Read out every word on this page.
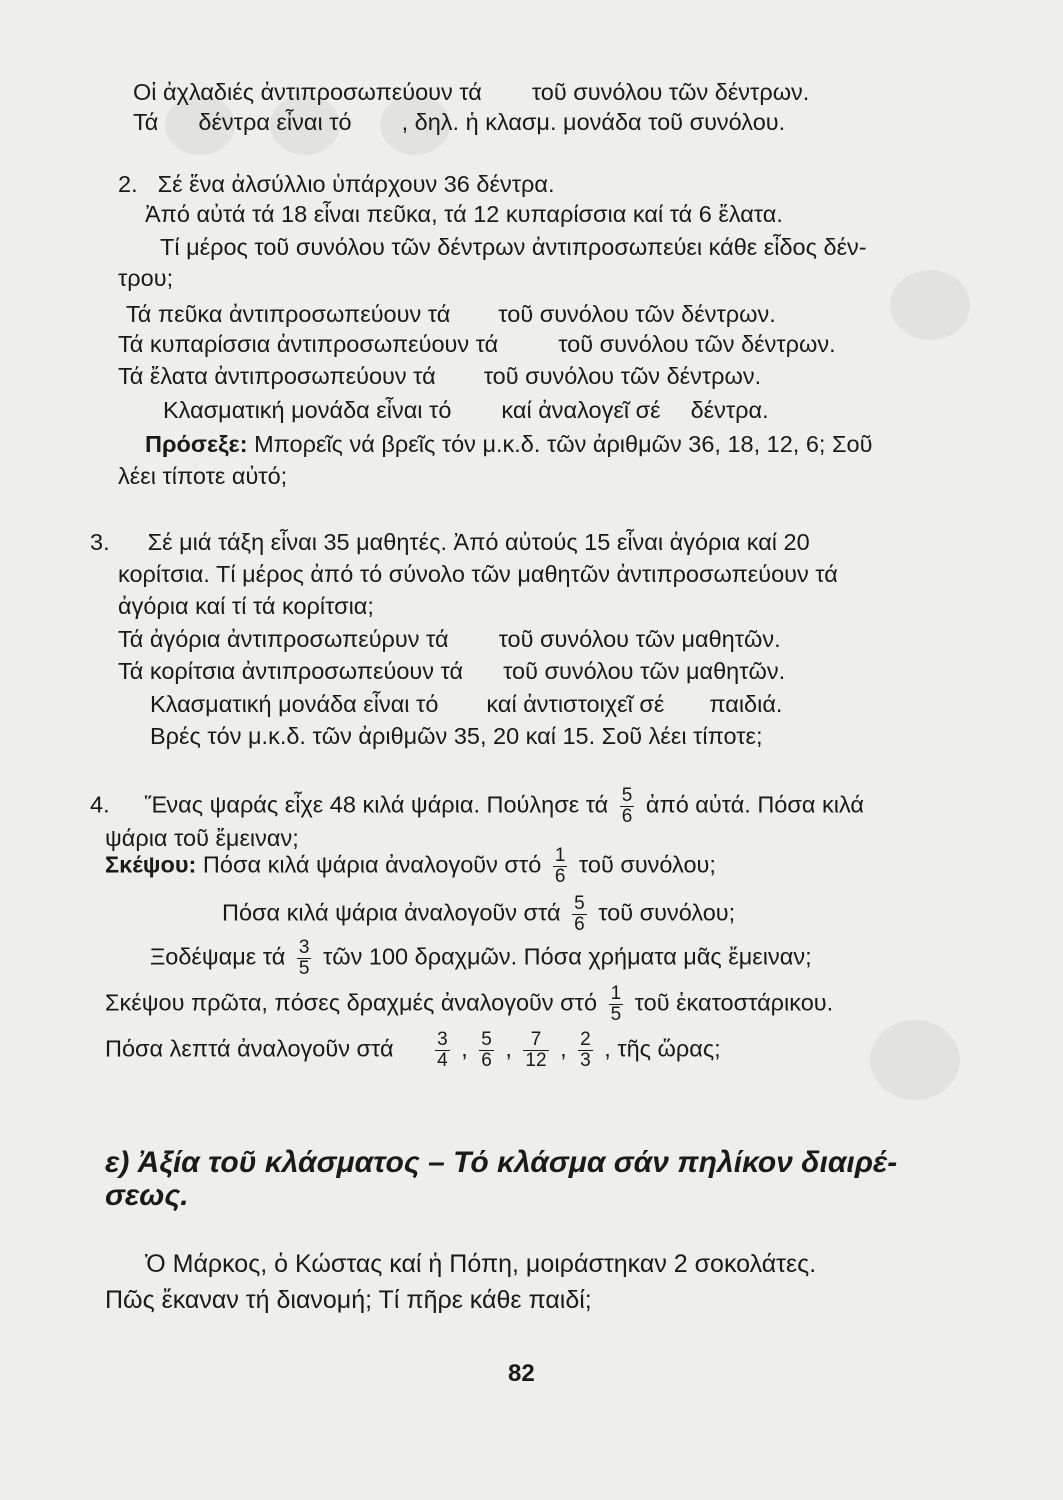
Οἱ ἀχλαδιές ἀντιπροσωπεύουν τά τοῦ συνόλου τῶν δέντρων.
Τά δέντρα εἶναι τό , δηλ. ἡ κλασμ. μονάδα τοῦ συνόλου.
2. Σέ ἕνα ἀλσύλλιο ὑπάρχουν 36 δέντρα.
Ἀπό αὐτά τά 18 εἶναι πεῦκα, τά 12 κυπαρίσσια καί τά 6 ἔλατα.
Τί μέρος τοῦ συνόλου τῶν δέντρων ἀντιπροσωπεύει κάθε εἶδος δέν-
τρου;
Τά πεῦκα ἀντιπροσωπεύουν τά τοῦ συνόλου τῶν δέντρων.
Τά κυπαρίσσια ἀντιπροσωπεύουν τά	τοῦ συνόλου τῶν δέντρων.
Τά ἔλατα ἀντιπροσωπεύουν τά τοῦ συνόλου τῶν δέντρων.
Κλασματική μονάδα εἶναι τό καί ἀναλογεῖ σέ δέντρα.
Πρόσεξε: Μπορεῖς νά βρεῖς τόν μ.κ.δ. τῶν ἀριθμῶν 36, 18, 12, 6; Σοῦ
λέει τίποτε αὐτό;
3. Σέ μιά τάξη εἶναι 35 μαθητές. Ἀπό αὐτούς 15 εἶναι ἀγόρια καί 20
κορίτσια. Τί μέρος ἀπό τό σύνολο τῶν μαθητῶν ἀντιπροσωπεύουν τά
ἀγόρια καί τί τά κορίτσια;
Τά ἀγόρια ἀντιπροσωπεύρυν τά τοῦ συνόλου τῶν μαθητῶν.
Τά κορίτσια ἀντιπροσωπεύουν τά τοῦ συνόλου τῶν μαθητῶν.
Κλασματική μονάδα εἶναι τό καί ἀντιστοιχεῖ σέ παιδιά.
Βρές τόν μ.κ.δ. τῶν ἀριθμῶν 35, 20 καί 15. Σοῦ λέει τίποτε;
4. Ἕνας ψαράς εἶχε 48 κιλά ψάρια. Πούλησε τά $\frac{5}{6}$ ἀπό αὐτά. Πόσα κιλά
ψάρια τοῦ ἔμειναν;
Σκέψου: Πόσα κιλά ψάρια ἀναλογοῦν στό $\frac{1}{6}$ τοῦ συνόλου;
Πόσα κιλά ψάρια ἀναλογοῦν στά $\frac{5}{6}$ τοῦ συνόλου;
Ξοδέψαμε τά $\frac{3}{5}$ τῶν 100 δραχμῶν. Πόσα χρήματα μᾶς ἔμειναν;
Σκέψου πρῶτα, πόσες δραχμές ἀναλογοῦν στό $\frac{1}{5}$ τοῦ ἑκατοστάρικου.
Πόσα λεπτά ἀναλογοῦν στά $\frac{3}{4}$ , $\frac{5}{6}$ , $\frac{7}{12}$ , $\frac{2}{3}$ , τῆς ὥρας;
ε) Ἀξία τοῦ κλάσματος – Τό κλάσμα σάν πηλίκον διαιρέ-
σεως.
Ὁ Μάρκος, ὁ Κώστας καί ἡ Πόπη, μοιράστηκαν 2 σοκολάτες.
Πῶς ἔκαναν τή διανομή; Τί πῆρε κάθε παιδί;
82
